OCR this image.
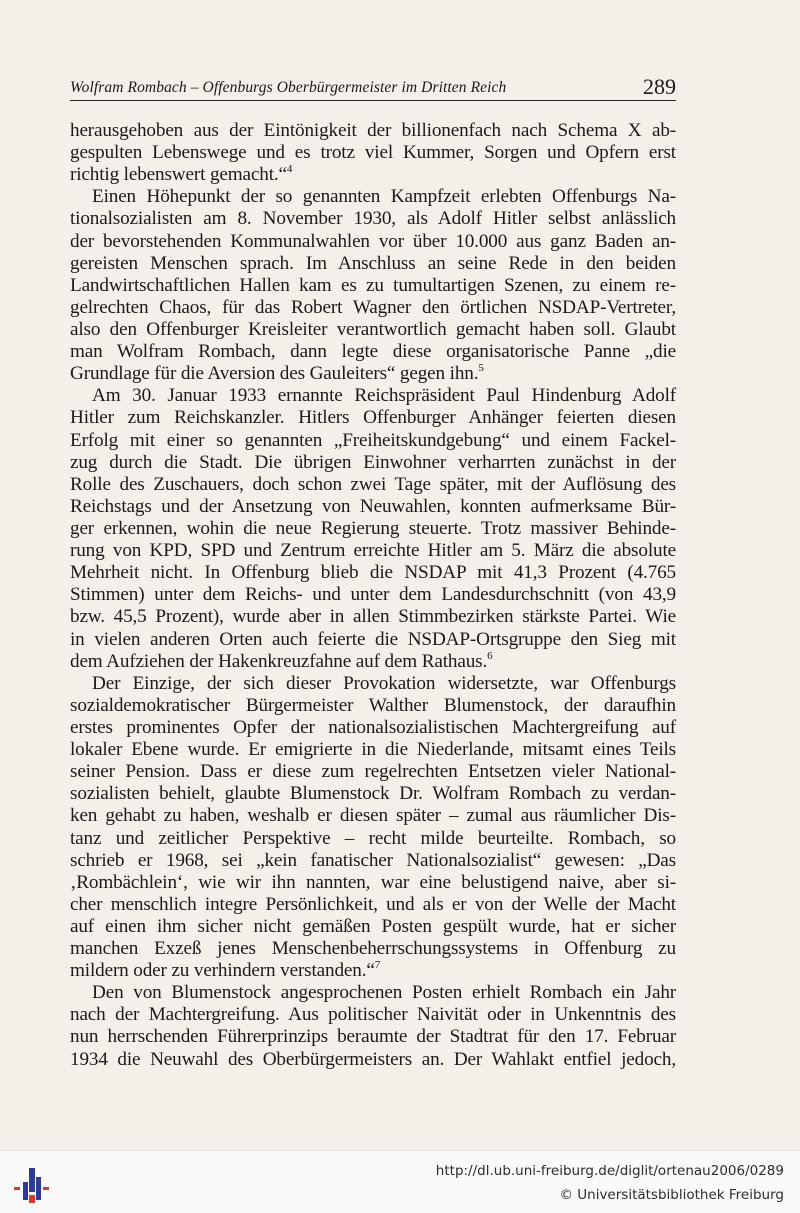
Wolfram Rombach – Offenburgs Oberbürgermeister im Dritten Reich	289
herausgehoben aus der Eintönigkeit der billionenfach nach Schema X ab-
gespulten Lebenswege und es trotz viel Kummer, Sorgen und Opfern erst
richtig lebenswert gemacht.“$^4$
Einen Höhepunkt der so genannten Kampfzeit erlebten Offenburgs Na-
tionalsozialisten am 8. November 1930, als Adolf Hitler selbst anlässlich
der bevorstehenden Kommunalwahlen vor über 10.000 aus ganz Baden an-
gereisten Menschen sprach. Im Anschluss an seine Rede in den beiden
Landwirtschaftlichen Hallen kam es zu tumultartigen Szenen, zu einem re-
gelrechten Chaos, für das Robert Wagner den örtlichen NSDAP-Vertreter,
also den Offenburger Kreisleiter verantwortlich gemacht haben soll. Glaubt
man Wolfram Rombach, dann legte diese organisatorische Panne „die
Grundlage für die Aversion des Gauleiters“ gegen ihn.$^5$
Am 30. Januar 1933 ernannte Reichspräsident Paul Hindenburg Adolf
Hitler zum Reichskanzler. Hitlers Offenburger Anhänger feierten diesen
Erfolg mit einer so genannten „Freiheitskundgebung“ und einem Fackel-
zug durch die Stadt. Die übrigen Einwohner verharrten zunächst in der
Rolle des Zuschauers, doch schon zwei Tage später, mit der Auflösung des
Reichstags und der Ansetzung von Neuwahlen, konnten aufmerksame Bür-
ger erkennen, wohin die neue Regierung steuerte. Trotz massiver Behinde-
rung von KPD, SPD und Zentrum erreichte Hitler am 5. März die absolute
Mehrheit nicht. In Offenburg blieb die NSDAP mit 41,3 Prozent (4.765
Stimmen) unter dem Reichs- und unter dem Landesdurchschnitt (von 43,9
bzw. 45,5 Prozent), wurde aber in allen Stimmbezirken stärkste Partei. Wie
in vielen anderen Orten auch feierte die NSDAP-Ortsgruppe den Sieg mit
dem Aufziehen der Hakenkreuzfahne auf dem Rathaus.$^6$
Der Einzige, der sich dieser Provokation widersetzte, war Offenburgs
sozialdemokratischer Bürgermeister Walther Blumenstock, der daraufhin
erstes prominentes Opfer der nationalsozialistischen Machtergreifung auf
lokaler Ebene wurde. Er emigrierte in die Niederlande, mitsamt eines Teils
seiner Pension. Dass er diese zum regelrechten Entsetzen vieler National-
sozialisten behielt, glaubte Blumenstock Dr. Wolfram Rombach zu verdan-
ken gehabt zu haben, weshalb er diesen später – zumal aus räumlicher Dis-
tanz und zeitlicher Perspektive – recht milde beurteilte. Rombach, so
schrieb er 1968, sei „kein fanatischer Nationalsozialist“ gewesen: „Das
‚Rombächlein‘, wie wir ihn nannten, war eine belustigend naive, aber si-
cher menschlich integre Persönlichkeit, und als er von der Welle der Macht
auf einen ihm sicher nicht gemäßen Posten gespült wurde, hat er sicher
manchen Exzeß jenes Menschenbeherrschungssystems in Offenburg zu
mildern oder zu verhindern verstanden.“$^7$
Den von Blumenstock angesprochenen Posten erhielt Rombach ein Jahr
nach der Machtergreifung. Aus politischer Naivität oder in Unkenntnis des
nun herrschenden Führerprinzips beraumte der Stadtrat für den 17. Februar
1934 die Neuwahl des Oberbürgermeisters an. Der Wahlakt entfiel jedoch,
http://dl.ub.uni-freiburg.de/diglit/ortenau2006/0289
© Universitätsbibliothek Freiburg
